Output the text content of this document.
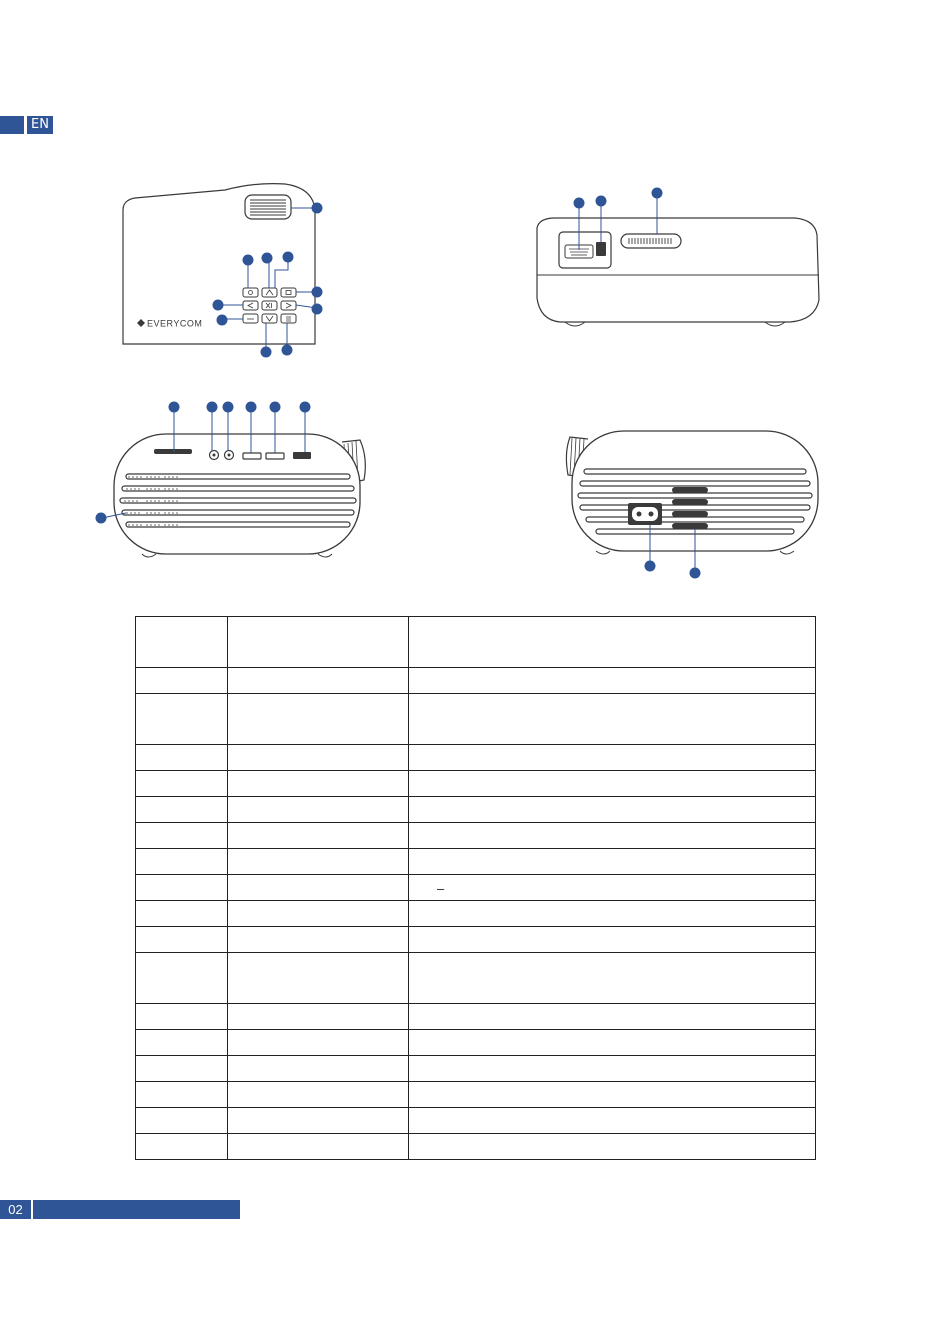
EN
EVERYCOM

–
02
